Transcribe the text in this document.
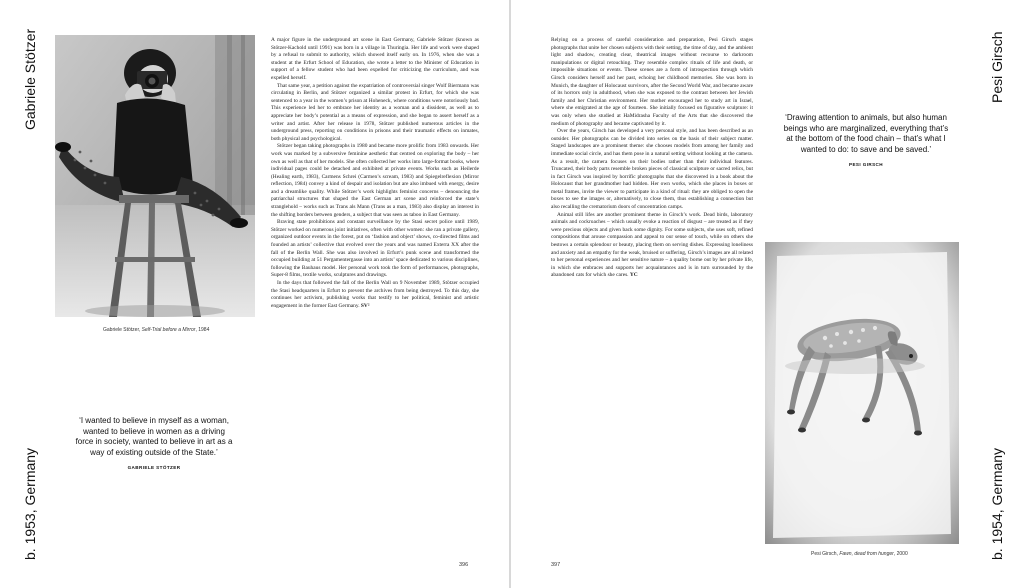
Gabriele Stötzer
b. 1953, Germany
Gabriele Stötzer, Self-Trial before a Mirror, 1984
‘I wanted to believe in myself as a woman, wanted to believe in women as a driving force in society, wanted to believe in art as a way of existing outside of the State.’
GABRIELE STÖTZER

A major figure in the underground art scene in East Germany, Gabriele Stötzer (known as Stötzer-Kachold until 1991) was born in a village in Thuringia. Her life and work were shaped by a refusal to submit to authority, which showed itself early on. In 1976, when she was a student at the Erfurt School of Education, she wrote a letter to the Minister of Education in support of a fellow student who had been expelled for criticizing the curriculum, and was expelled herself.

That same year, a petition against the expatriation of controversial singer Wolf Biermann was circulating in Berlin, and Stötzer organized a similar protest in Erfurt, for which she was sentenced to a year in the women’s prison at Hoheneck, where conditions were notoriously bad. This experience led her to embrace her identity as a woman and a dissident, as well as to appreciate her body’s potential as a means of expression, and she began to assert herself as a writer and artist. After her release in 1978, Stötzer published numerous articles in the underground press, reporting on conditions in prisons and their traumatic effects on inmates, both physical and psychological.

Stötzer began taking photographs in 1980 and became more prolific from 1983 onwards. Her work was marked by a subversive feminine aesthetic that centred on exploring the body – her own as well as that of her models. She often collected her works into large-format books, where individual pages could be detached and exhibited at private events. Works such as Heilerde (Healing earth, 1983), Carmens Schrei (Carmen’s scream, 1983) and Spiegelreflexion (Mirror reflection, 1984) convey a kind of despair and isolation but are also imbued with energy, desire and a dreamlike quality. While Stötzer’s work highlights feminist concerns – denouncing the patriarchal structures that shaped the East German art scene and reinforced the state’s stranglehold – works such as Trans als Mann (Trans as a man, 1983) also display an interest in the shifting borders between genders, a subject that was seen as taboo in East Germany.

Braving state prohibitions and constant surveillance by the Stasi secret police until 1989, Stötzer worked on numerous joint initiatives, often with other women: she ran a private gallery, organized outdoor events in the forest, put on ‘fashion and object’ shows, co-directed films and founded an artists’ collective that evolved over the years and was named Exterra XX after the fall of the Berlin Wall. She was also involved in Erfurt’s punk scene and transformed the occupied building at 51 Pergamentergasse into an artists’ space dedicated to various disciplines, following the Bauhaus model. Her personal work took the form of performances, photographs, Super-8 films, textile works, sculptures and drawings.

In the days that followed the fall of the Berlin Wall on 9 November 1989, Stötzer occupied the Stasi headquarters in Erfurt to prevent the archives from being destroyed. To this day, she continues her activism, publishing works that testify to her political, feminist and artistic engagement in the former East Germany. SV²

396

Relying on a process of careful consideration and preparation, Pesi Girsch stages photographs that unite her chosen subjects with their setting, the time of day, and the ambient light and shadow, creating clear, theatrical images without recourse to darkroom manipulations or digital retouching. They resemble complex rituals of life and death, or impossible situations or events. These scenes are a form of introspection through which Girsch considers herself and her past, echoing her childhood memories. She was born in Munich, the daughter of Holocaust survivors, after the Second World War, and became aware of its horrors only in adulthood, when she was exposed to the contrast between her Jewish family and her Christian environment. Her mother encouraged her to study art in Israel, where she emigrated at the age of fourteen. She initially focused on figurative sculpture: it was only when she studied at HaMidrasha Faculty of the Arts that she discovered the medium of photography and became captivated by it.

Over the years, Girsch has developed a very personal style, and has been described as an outsider. Her photographs can be divided into series on the basis of their subject matter. Staged landscapes are a prominent theme: she chooses models from among her family and immediate social circle, and has them pose in a natural setting without looking at the camera. As a result, the camera focuses on their bodies rather than their individual features. Truncated, their body parts resemble broken pieces of classical sculpture or sacred relics, but in fact Girsch was inspired by horrific photographs that she discovered in a book about the Holocaust that her grandmother had hidden. Her own works, which she places in boxes or metal frames, invite the viewer to participate in a kind of ritual: they are obliged to open the boxes to see the images or, alternatively, to close them, thus establishing a connection but also recalling the crematorium doors of concentration camps.

Animal still lifes are another prominent theme in Girsch’s work. Dead birds, laboratory animals and cockroaches – which usually evoke a reaction of disgust – are treated as if they were precious objects and given back some dignity. For some subjects, she uses soft, refined compositions that arouse compassion and appeal to our sense of touch, while on others she bestows a certain splendour or beauty, placing them on serving dishes. Expressing loneliness and anxiety and an empathy for the weak, bruised or suffering, Girsch’s images are all related to her personal experiences and her sensitive nature – a quality borne out by her private life, in which she embraces and supports her acquaintances and is in turn surrounded by the abandoned cats for which she cares. YC

‘Drawing attention to animals, but also human beings who are marginalized, everything that’s at the bottom of the food chain – that’s what I wanted to do: to save and be saved.’
PESI GIRSCH
Pesi Girsch
b. 1954, Germany
Pesi Girsch, Fawn, dead from hunger, 2000
397
